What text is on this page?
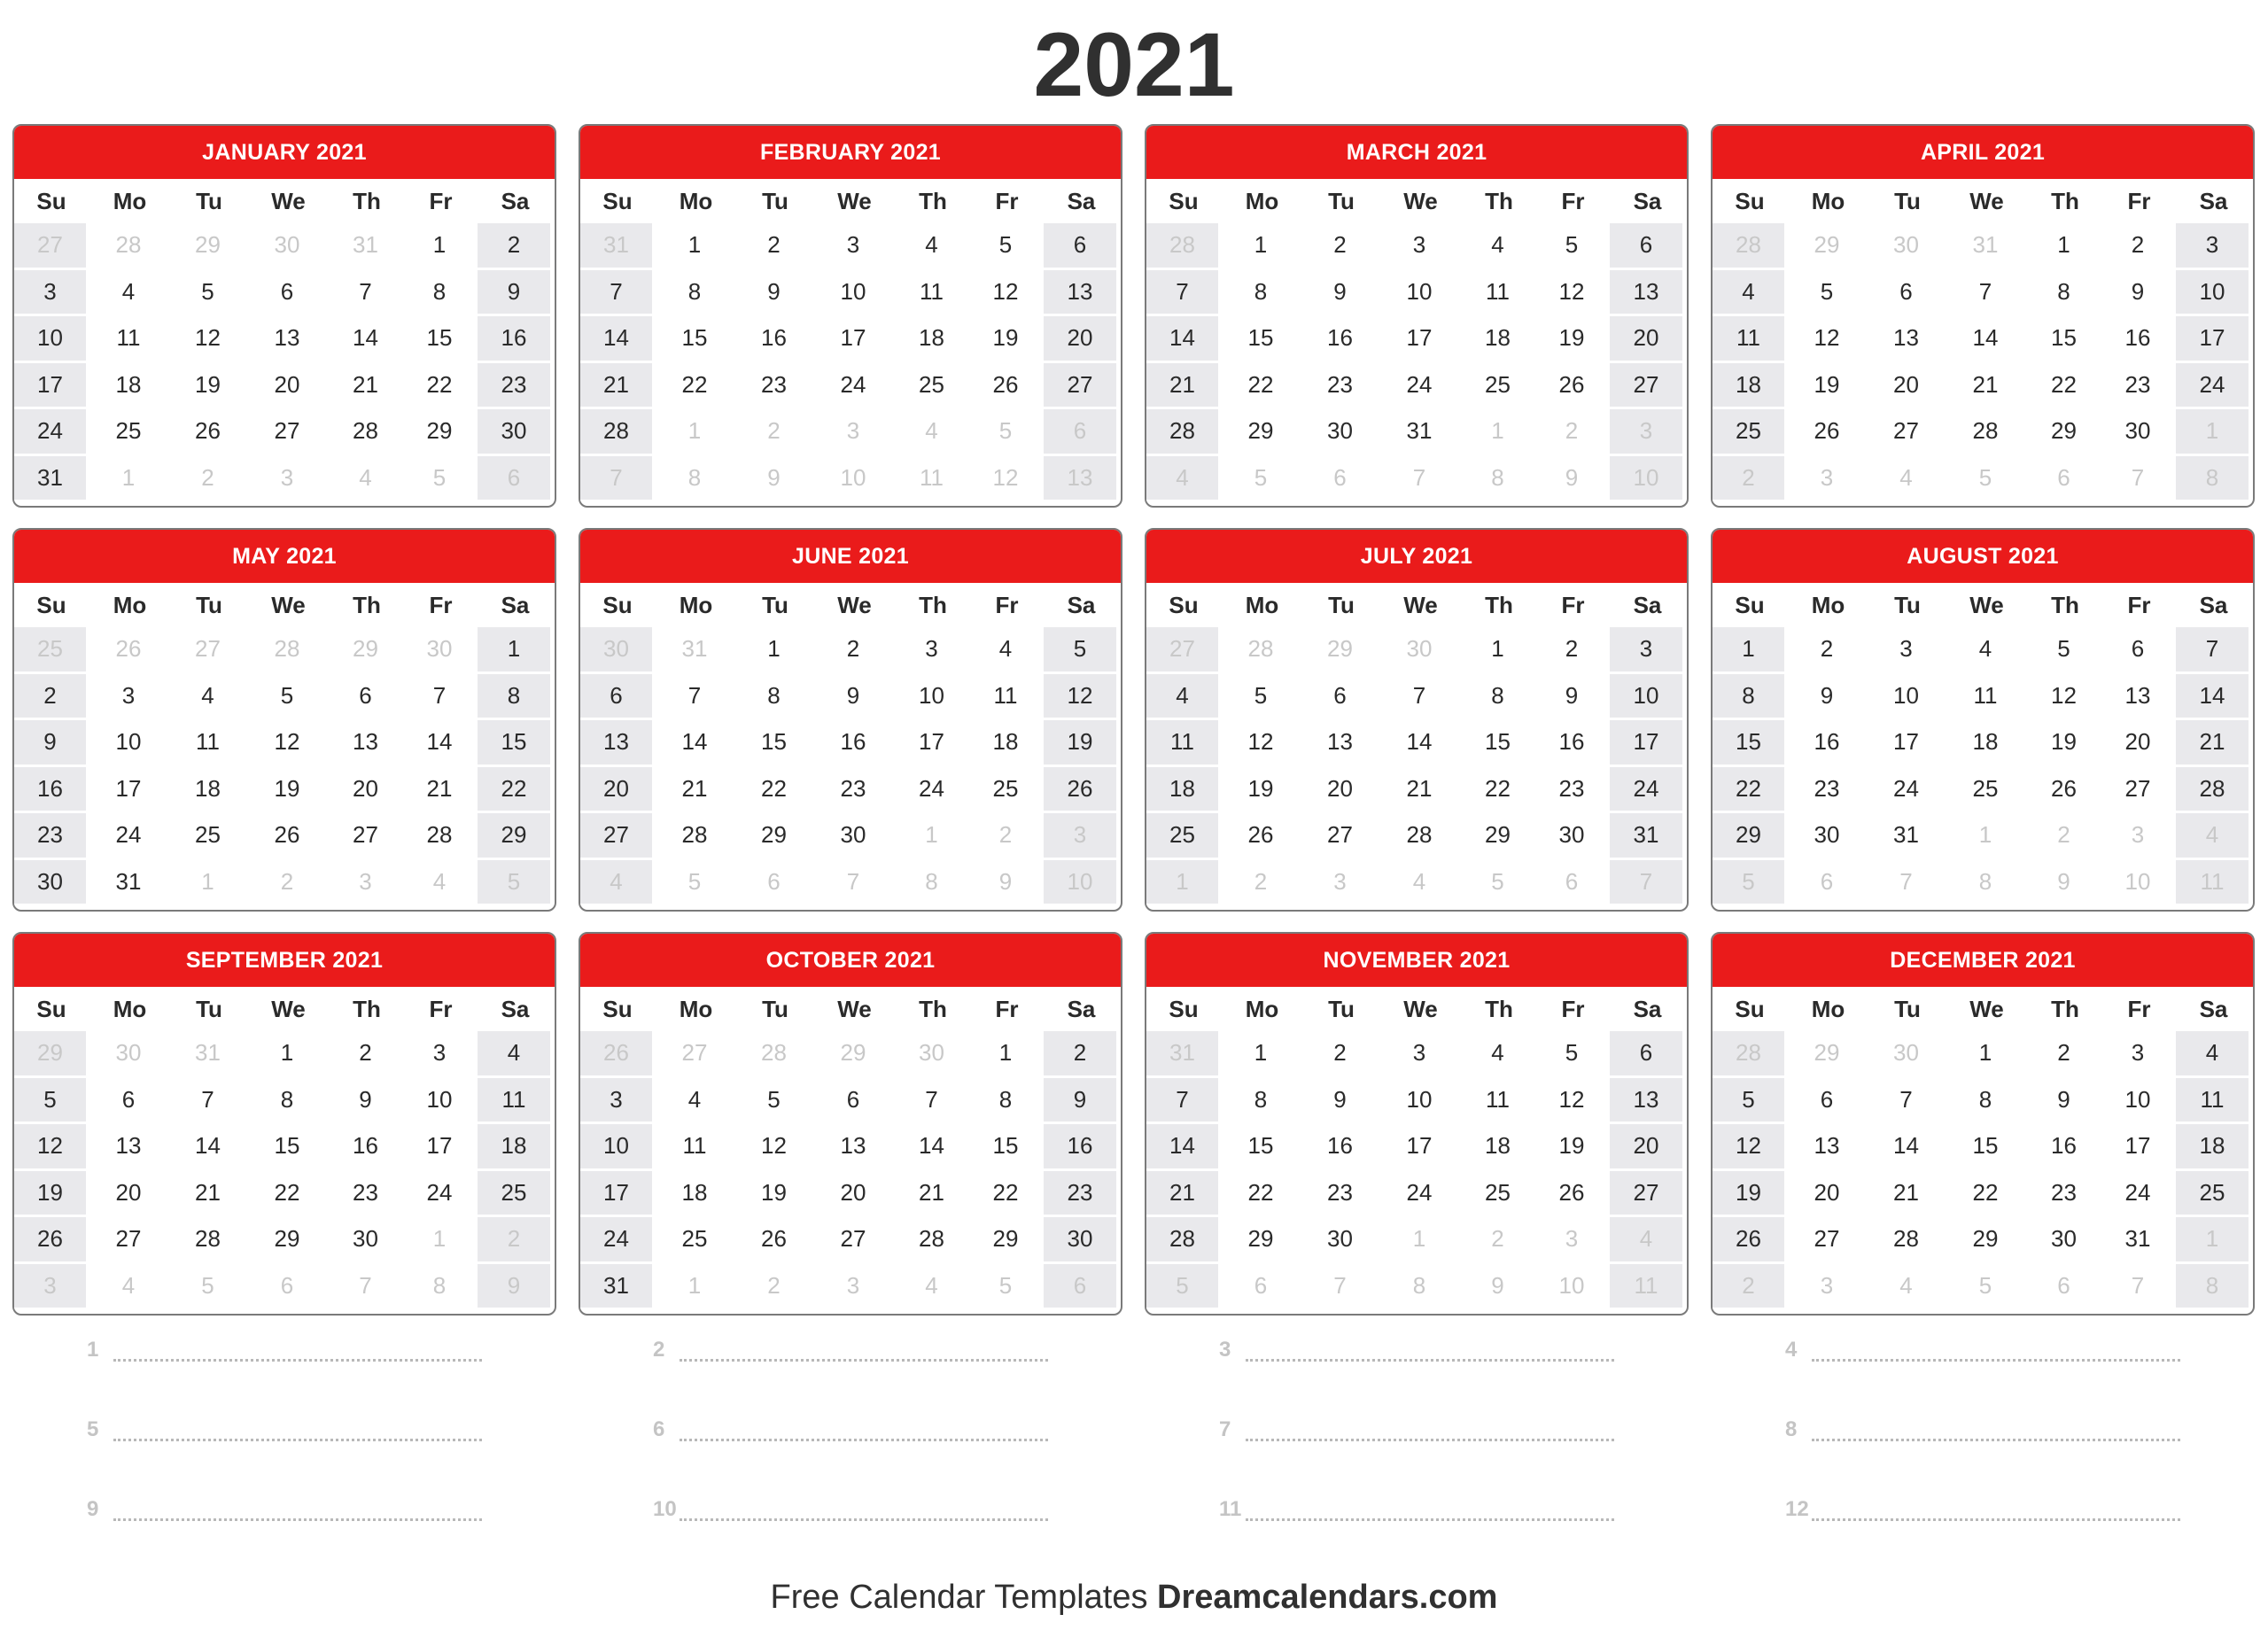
2021
JANUARY 2021
Su	Mo	Tu	We	Th	Fr	Sa
27	28	29	30	31	1	2
3	4	5	6	7	8	9
10	11	12	13	14	15	16
17	18	19	20	21	22	23
24	25	26	27	28	29	30
31	1	2	3	4	5	6
FEBRUARY 2021
Su	Mo	Tu	We	Th	Fr	Sa
31	1	2	3	4	5	6
7	8	9	10	11	12	13
14	15	16	17	18	19	20
21	22	23	24	25	26	27
28	1	2	3	4	5	6
7	8	9	10	11	12	13
MARCH 2021
Su	Mo	Tu	We	Th	Fr	Sa
28	1	2	3	4	5	6
7	8	9	10	11	12	13
14	15	16	17	18	19	20
21	22	23	24	25	26	27
28	29	30	31	1	2	3
4	5	6	7	8	9	10
APRIL 2021
Su	Mo	Tu	We	Th	Fr	Sa
28	29	30	31	1	2	3
4	5	6	7	8	9	10
11	12	13	14	15	16	17
18	19	20	21	22	23	24
25	26	27	28	29	30	1
2	3	4	5	6	7	8
MAY 2021
Su	Mo	Tu	We	Th	Fr	Sa
25	26	27	28	29	30	1
2	3	4	5	6	7	8
9	10	11	12	13	14	15
16	17	18	19	20	21	22
23	24	25	26	27	28	29
30	31	1	2	3	4	5
JUNE 2021
Su	Mo	Tu	We	Th	Fr	Sa
30	31	1	2	3	4	5
6	7	8	9	10	11	12
13	14	15	16	17	18	19
20	21	22	23	24	25	26
27	28	29	30	1	2	3
4	5	6	7	8	9	10
JULY 2021
Su	Mo	Tu	We	Th	Fr	Sa
27	28	29	30	1	2	3
4	5	6	7	8	9	10
11	12	13	14	15	16	17
18	19	20	21	22	23	24
25	26	27	28	29	30	31
1	2	3	4	5	6	7
AUGUST 2021
Su	Mo	Tu	We	Th	Fr	Sa
1	2	3	4	5	6	7
8	9	10	11	12	13	14
15	16	17	18	19	20	21
22	23	24	25	26	27	28
29	30	31	1	2	3	4
5	6	7	8	9	10	11
SEPTEMBER 2021
Su	Mo	Tu	We	Th	Fr	Sa
29	30	31	1	2	3	4
5	6	7	8	9	10	11
12	13	14	15	16	17	18
19	20	21	22	23	24	25
26	27	28	29	30	1	2
3	4	5	6	7	8	9
OCTOBER 2021
Su	Mo	Tu	We	Th	Fr	Sa
26	27	28	29	30	1	2
3	4	5	6	7	8	9
10	11	12	13	14	15	16
17	18	19	20	21	22	23
24	25	26	27	28	29	30
31	1	2	3	4	5	6
NOVEMBER 2021
Su	Mo	Tu	We	Th	Fr	Sa
31	1	2	3	4	5	6
7	8	9	10	11	12	13
14	15	16	17	18	19	20
21	22	23	24	25	26	27
28	29	30	1	2	3	4
5	6	7	8	9	10	11
DECEMBER 2021
Su	Mo	Tu	We	Th	Fr	Sa
28	29	30	1	2	3	4
5	6	7	8	9	10	11
12	13	14	15	16	17	18
19	20	21	22	23	24	25
26	27	28	29	30	31	1
2	3	4	5	6	7	8
1	2	3	4
5	6	7	8
9	10	11	12
Free Calendar Templates Dreamcalendars.com
